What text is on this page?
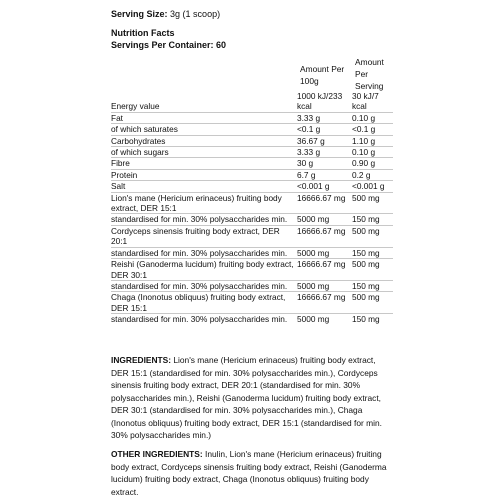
Serving Size: 3g (1 scoop)
Nutrition Facts
Servings Per Container: 60
Amount Per 100g
Amount Per Serving
Energy value	1000 kJ/233 kcal	30 kJ/7 kcal
Fat	3.33 g	0.10 g
of which saturates	<0.1 g	<0.1 g
Carbohydrates	36.67 g	1.10 g
of which sugars	3.33 g	0.10 g
Fibre	30 g	0.90 g
Protein	6.7 g	0.2 g
Salt	<0.001 g	<0.001 g
Lion's mane (Hericium erinaceus) fruiting body extract, DER 15:1	16666.67 mg	500 mg
standardised for min. 30% polysaccharides min.	5000 mg	150 mg
Cordyceps sinensis fruiting body extract, DER 20:1	16666.67 mg	500 mg
standardised for min. 30% polysaccharides min.	5000 mg	150 mg
Reishi (Ganoderma lucidum) fruiting body extract, DER 30:1	16666.67 mg	500 mg
standardised for min. 30% polysaccharides min.	5000 mg	150 mg
Chaga (Inonotus obliquus) fruiting body extract, DER 15:1	16666.67 mg	500 mg
standardised for min. 30% polysaccharides min.	5000 mg	150 mg
INGREDIENTS: Lion's mane (Hericium erinaceus) fruiting body extract, DER 15:1 (standardised for min. 30% polysaccharides min.), Cordyceps sinensis fruiting body extract, DER 20:1 (standardised for min. 30% polysaccharides min.), Reishi (Ganoderma lucidum) fruiting body extract, DER 30:1 (standardised for min. 30% polysaccharides min.), Chaga (Inonotus obliquus) fruiting body extract, DER 15:1 (standardised for min. 30% polysaccharides min.)
OTHER INGREDIENTS: Inulin, Lion's mane (Hericium erinaceus) fruiting body extract, Cordyceps sinensis fruiting body extract, Reishi (Ganoderma lucidum) fruiting body extract, Chaga (Inonotus obliquus) fruiting body extract.
